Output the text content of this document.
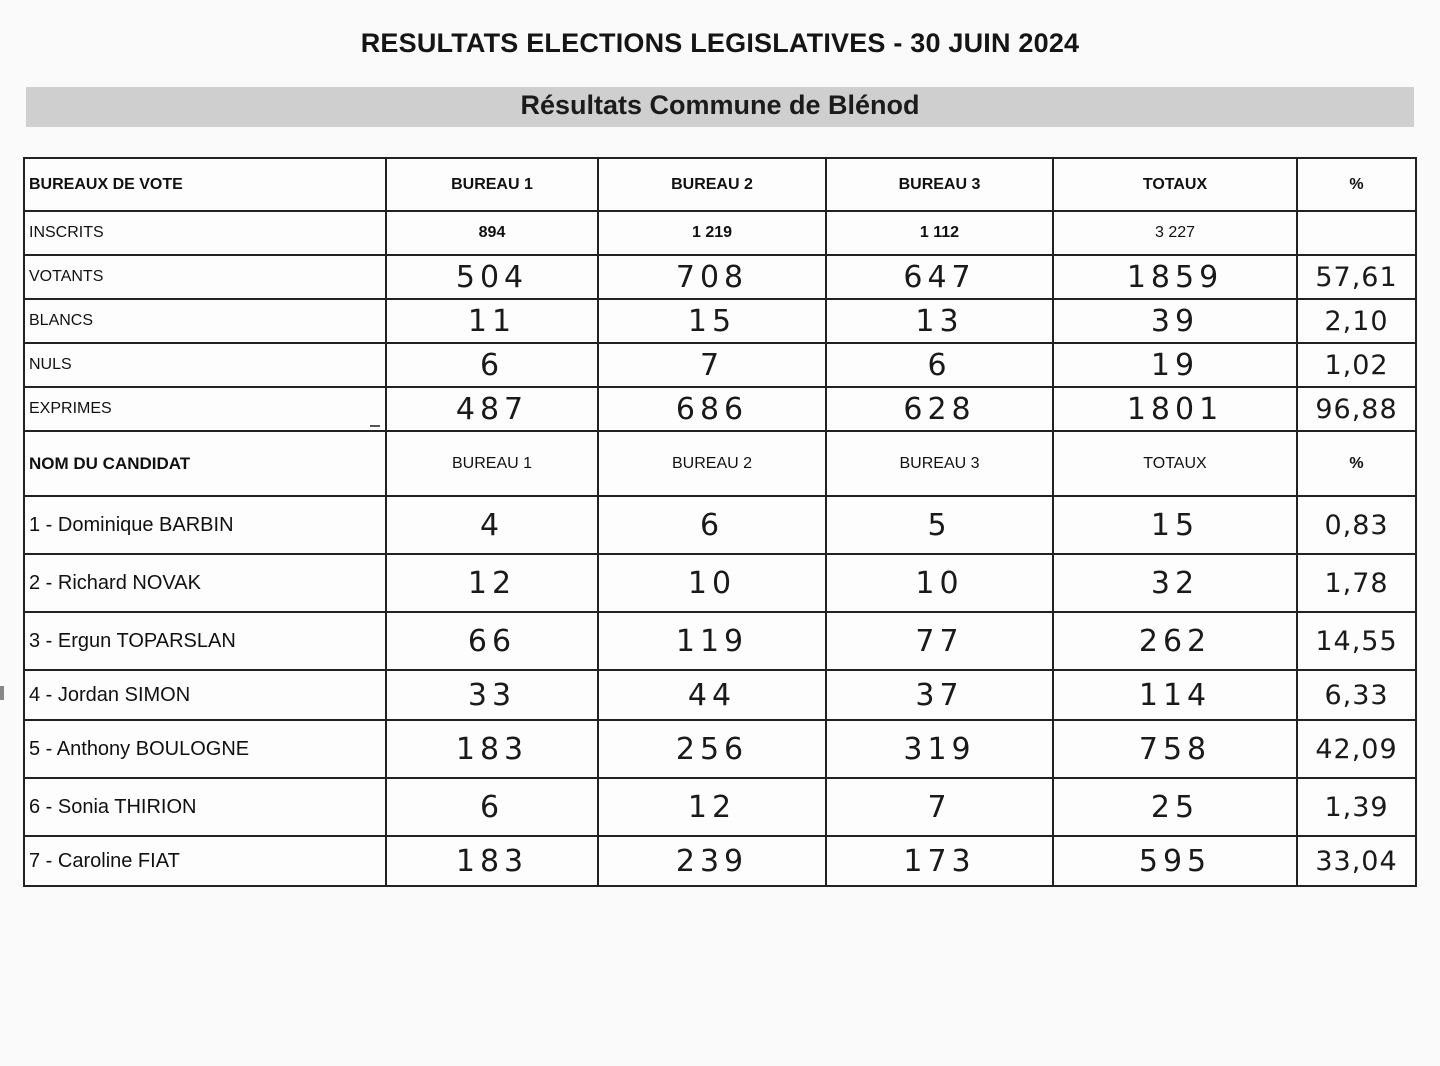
RESULTATS ELECTIONS LEGISLATIVES - 30 JUIN 2024
Résultats Commune de Blénod
BUREAUX DE VOTE	BUREAU 1	BUREAU 2	BUREAU 3	TOTAUX	%
INSCRITS	894	1 219	1 112	3 227	
VOTANTS	504	708	647	1859	57,61
BLANCS	11	15	13	39	2,10
NULS	6	7	6	19	1,02
EXPRIMES	487	686	628	1801	96,88
NOM DU CANDIDAT	BUREAU 1	BUREAU 2	BUREAU 3	TOTAUX	%
1 - Dominique BARBIN	4	6	5	15	0,83
2 - Richard NOVAK	12	10	10	32	1,78
3 - Ergun TOPARSLAN	66	119	77	262	14,55
4 - Jordan SIMON	33	44	37	114	6,33
5 - Anthony BOULOGNE	183	256	319	758	42,09
6 - Sonia THIRION	6	12	7	25	1,39
7 - Caroline FIAT	183	239	173	595	33,04
